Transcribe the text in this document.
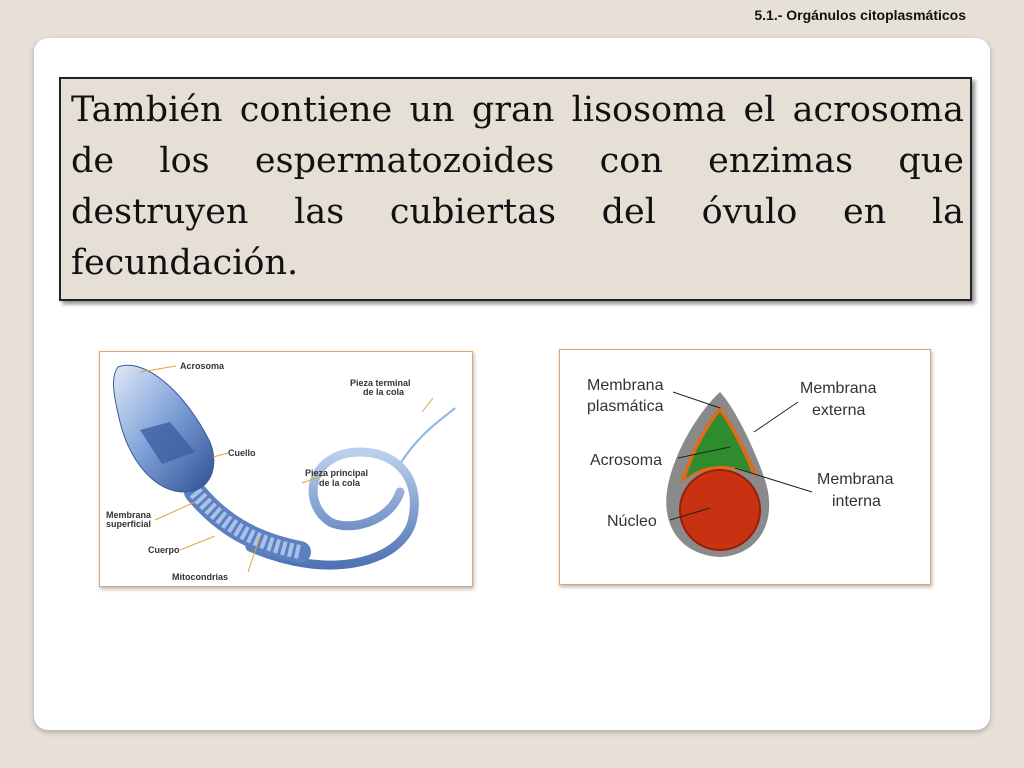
5.1.- Orgánulos citoplasmáticos
También contiene un gran lisosoma el acrosoma de los espermatozoides con enzimas que destruyen las cubiertas del óvulo en la fecundación.
Acrosoma
Pieza terminal
de la cola
Cuello
Pieza principal
de la cola
Membrana
superficial
Cuerpo
Mitocondrias
Membrana
plasmática
Membrana
externa
Acrosoma
Membrana
interna
Núcleo
